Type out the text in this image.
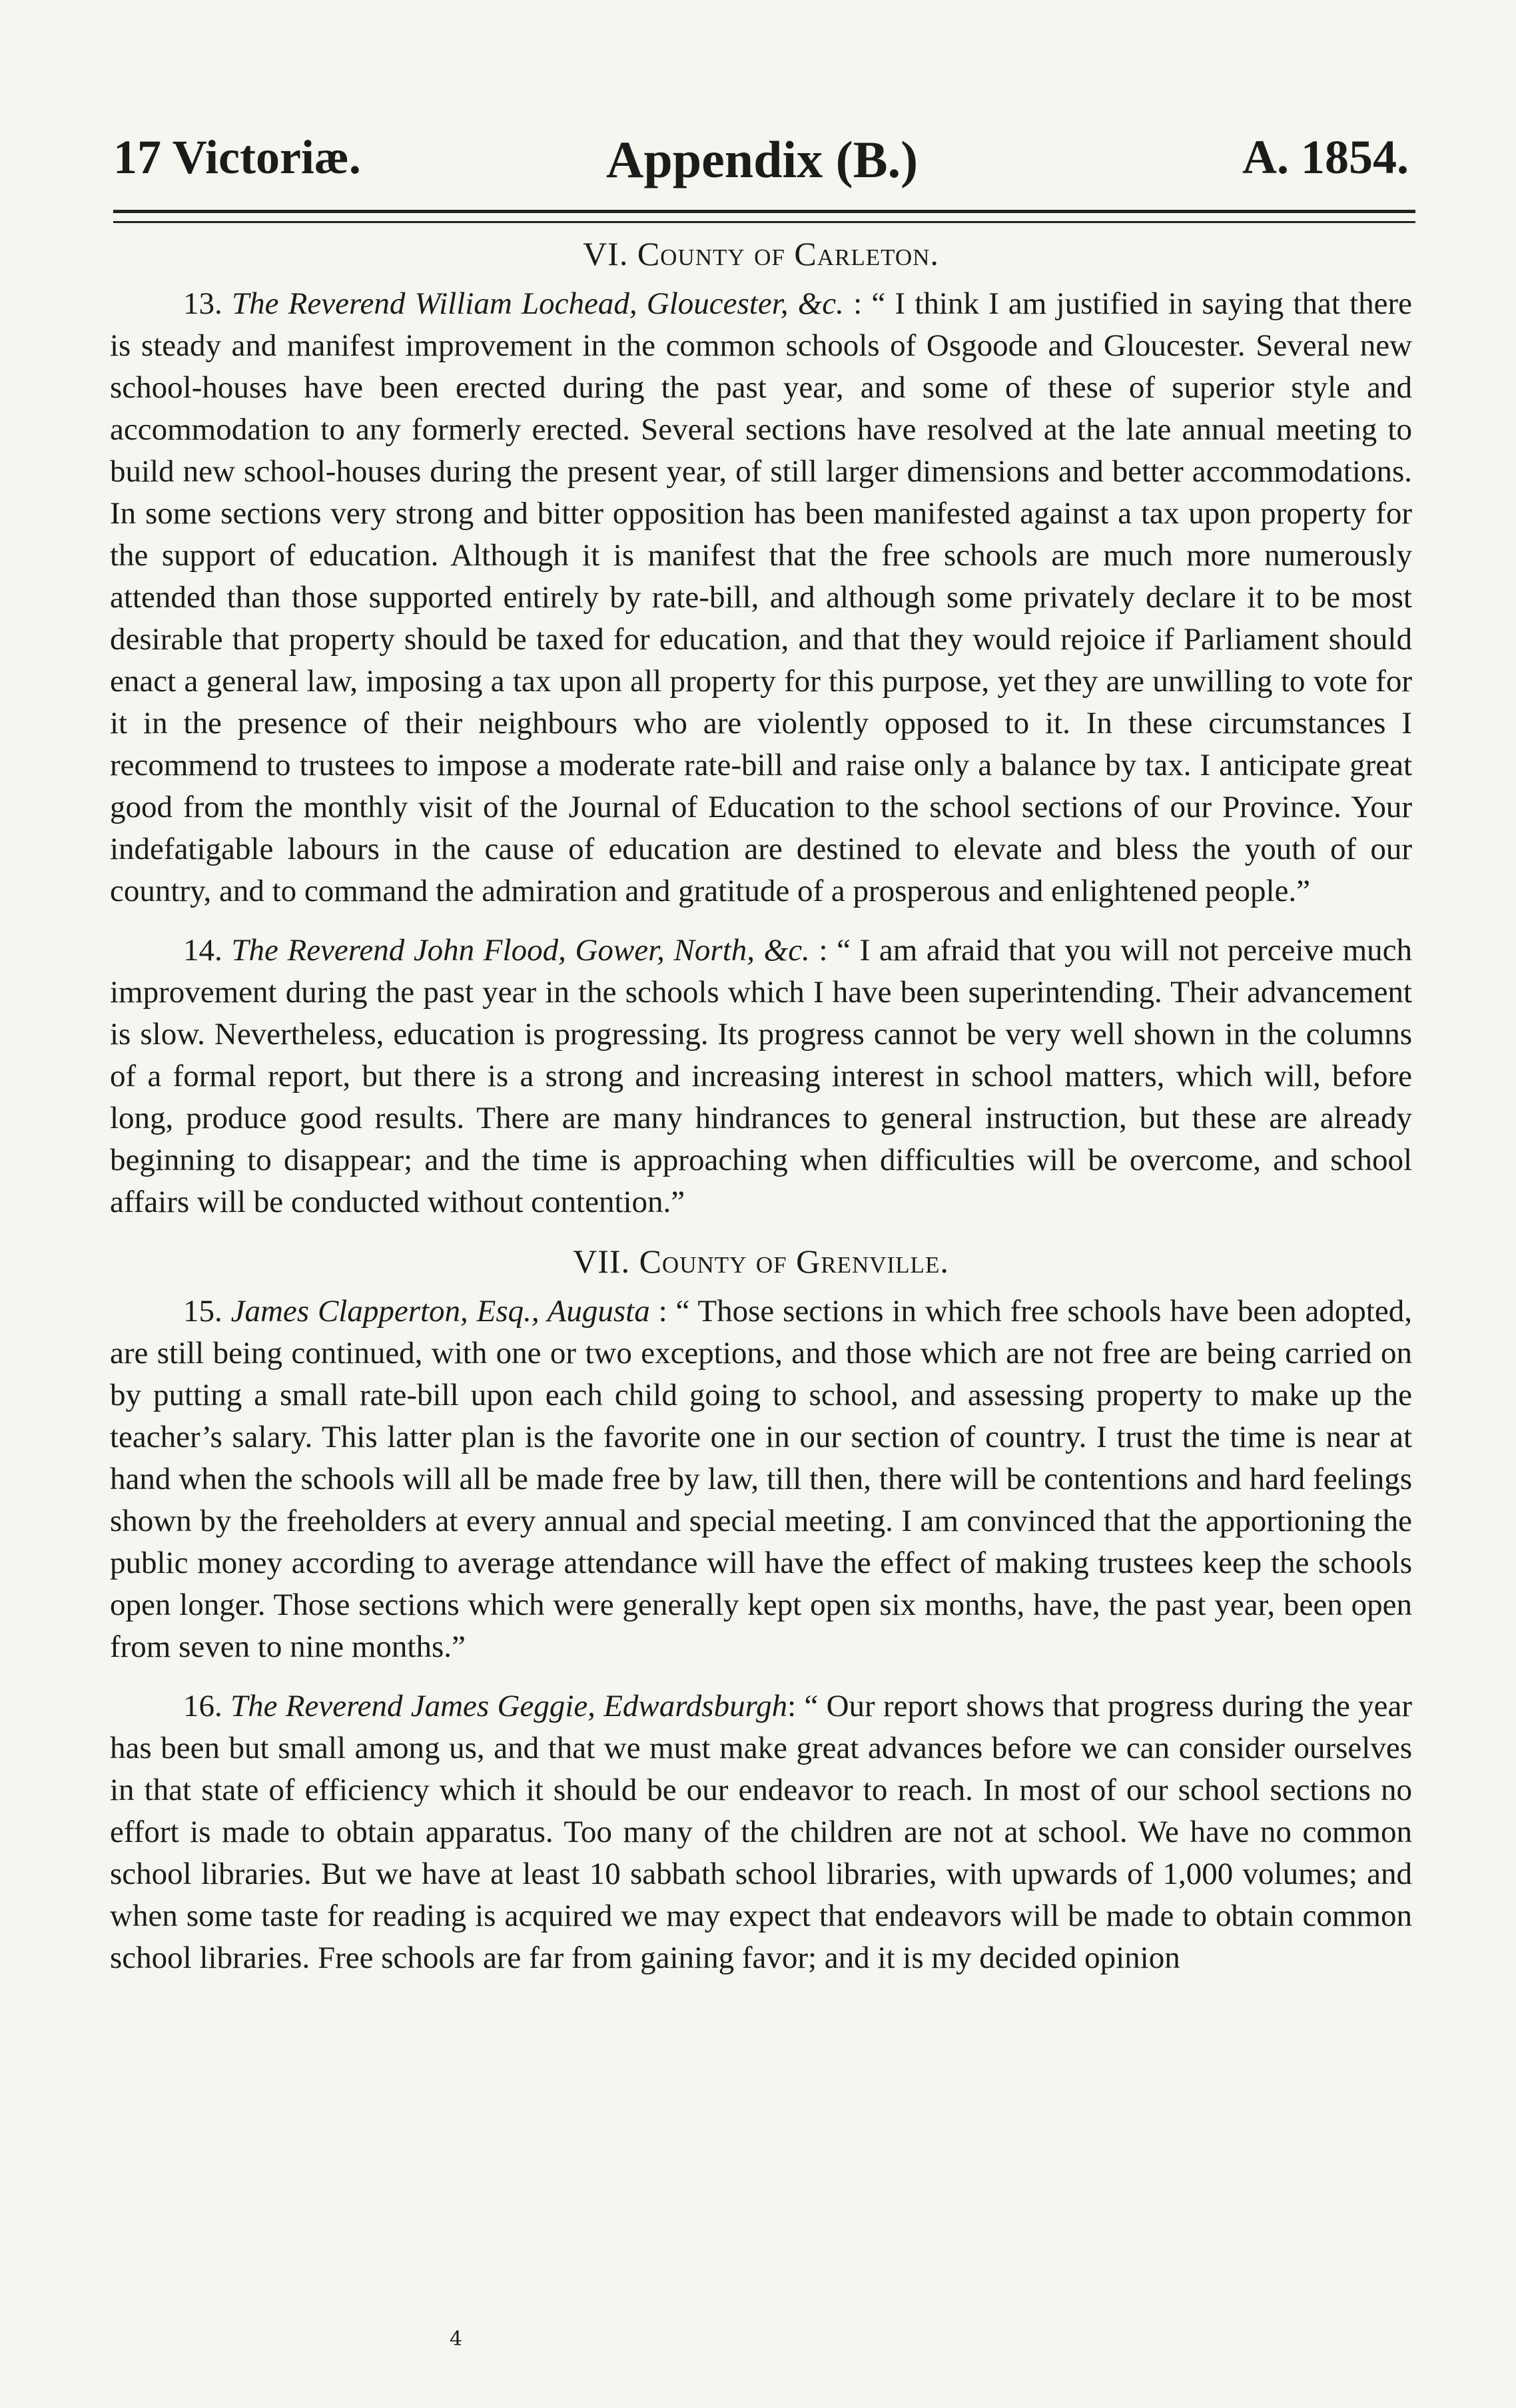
17 Victoriæ.	Appendix (B.)	A. 1854.
VI. County of Carleton.

13. The Reverend William Lochead, Gloucester, &c. : “ I think I am justified in saying that there is steady and manifest improvement in the common schools of Osgoode and Gloucester. Several new school-houses have been erected during the past year, and some of these of superior style and accommodation to any formerly erected. Several sections have resolved at the late annual meeting to build new school-houses during the present year, of still larger dimensions and better accommodations. In some sections very strong and bitter opposition has been manifested against a tax upon property for the support of education. Although it is manifest that the free schools are much more numerously attended than those supported entirely by rate-bill, and although some privately declare it to be most desirable that property should be taxed for education, and that they would rejoice if Parliament should enact a general law, imposing a tax upon all property for this purpose, yet they are unwilling to vote for it in the presence of their neighbours who are violently opposed to it. In these circumstances I recommend to trustees to impose a moderate rate-bill and raise only a balance by tax. I anticipate great good from the monthly visit of the Journal of Education to the school sections of our Province. Your indefatigable labours in the cause of education are destined to elevate and bless the youth of our country, and to command the admiration and gratitude of a prosperous and enlightened people.”

14. The Reverend John Flood, Gower, North, &c. : “ I am afraid that you will not perceive much improvement during the past year in the schools which I have been superintending. Their advancement is slow. Nevertheless, education is progressing. Its progress cannot be very well shown in the columns of a formal report, but there is a strong and increasing interest in school matters, which will, before long, produce good results. There are many hindrances to general instruction, but these are already beginning to disappear; and the time is approaching when difficulties will be overcome, and school affairs will be conducted without contention.”

VII. County of Grenville.

15. James Clapperton, Esq., Augusta : “ Those sections in which free schools have been adopted, are still being continued, with one or two exceptions, and those which are not free are being carried on by putting a small rate-bill upon each child going to school, and assessing property to make up the teacher’s salary. This latter plan is the favorite one in our section of country. I trust the time is near at hand when the schools will all be made free by law, till then, there will be contentions and hard feelings shown by the freeholders at every annual and special meeting. I am convinced that the apportioning the public money according to average attendance will have the effect of making trustees keep the schools open longer. Those sections which were generally kept open six months, have, the past year, been open from seven to nine months.”

16. The Reverend James Geggie, Edwardsburgh: “ Our report shows that progress during the year has been but small among us, and that we must make great advances before we can consider ourselves in that state of efficiency which it should be our endeavor to reach. In most of our school sections no effort is made to obtain apparatus. Too many of the children are not at school. We have no common school libraries. But we have at least 10 sabbath school libraries, with upwards of 1,000 volumes; and when some taste for reading is acquired we may expect that endeavors will be made to obtain common school libraries. Free schools are far from gaining favor; and it is my decided opinion

4
